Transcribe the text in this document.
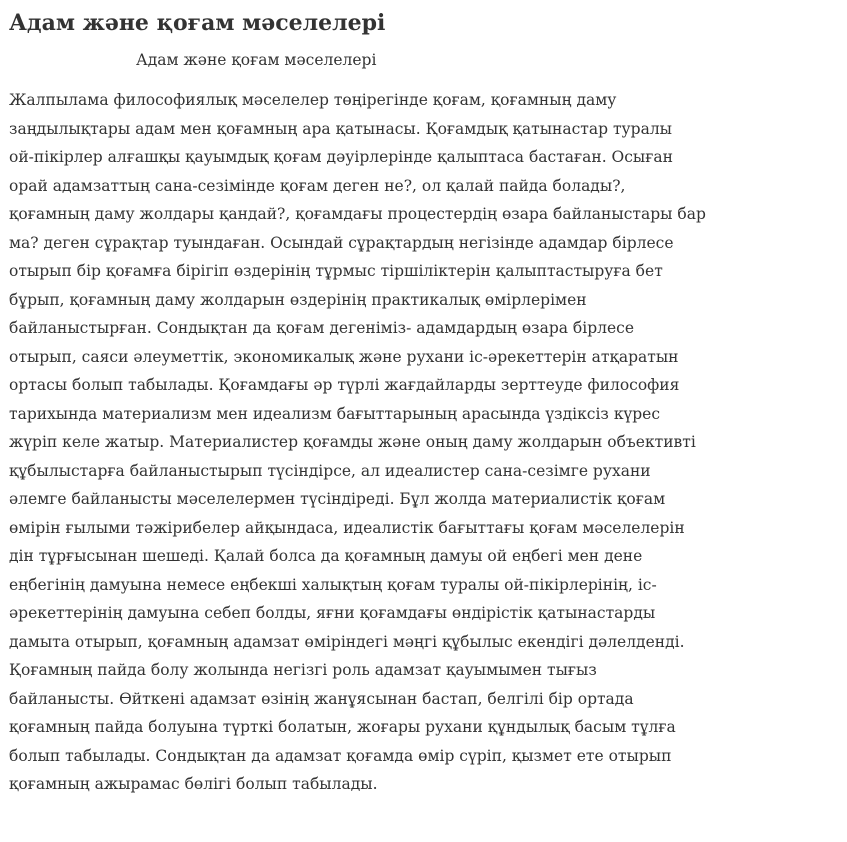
Адам және қоғам мәселелері
Адам және қоғам мәселелері

Жалпылама философиялық мәселелер төңірегінде қоғам, қоғамның даму
заңдылықтары адам мен қоғамның ара қатынасы. Қоғамдық қатынастар туралы
ой-пікірлер алғашқы қауымдық қоғам дәуірлерінде қалыптаса бастаған. Осыған
орай адамзаттың сана-сезімінде қоғам деген не?, ол қалай пайда болады?,
қоғамның даму жолдары қандай?, қоғамдағы процестердің өзара байланыстары бар
ма? деген сұрақтар туындаған. Осындай сұрақтардың негізінде адамдар бірлесе
отырып бір қоғамға бірігіп өздерінің тұрмыс тіршіліктерін қалыптастыруға бет
бұрып, қоғамның даму жолдарын өздерінің практикалық өмірлерімен
байланыстырған. Сондықтан да қоғам дегеніміз- адамдардың өзара бірлесе
отырып, саяси әлеуметтік, экономикалық және рухани іс-әрекеттерін атқаратын
ортасы болып табылады. Қоғамдағы әр түрлі жағдайларды зерттеуде философия
тарихында материализм мен идеализм бағыттарының арасында үздіксіз күрес
жүріп келе жатыр. Материалистер қоғамды және оның даму жолдарын объективті
құбылыстарға байланыстырып түсіндірсе, ал идеалистер сана-сезімге рухани
әлемге байланысты мәселелермен түсіндіреді. Бұл жолда материалистік қоғам
өмірін ғылыми тәжірибелер айқындаса, идеалистік бағыттағы қоғам мәселелерін
дін тұрғысынан шешеді. Қалай болса да қоғамның дамуы ой еңбегі мен дене
еңбегінің дамуына немесе еңбекші халықтың қоғам туралы ой-пікірлерінің, іс-
әрекеттерінің дамуына себеп болды, яғни қоғамдағы өндірістік қатынастарды
дамыта отырып, қоғамның адамзат өміріндегі мәңгі құбылыс екендігі дәлелденді.
Қоғамның пайда болу жолында негізгі роль адамзат қауымымен тығыз
байланысты. Өйткені адамзат өзінің жанұясынан бастап, белгілі бір ортада
қоғамның пайда болуына түрткі болатын, жоғары рухани құндылық басым тұлға
болып табылады. Сондықтан да адамзат қоғамда өмір сүріп, қызмет ете отырып
қоғамның ажырамас бөлігі болып табылады.
